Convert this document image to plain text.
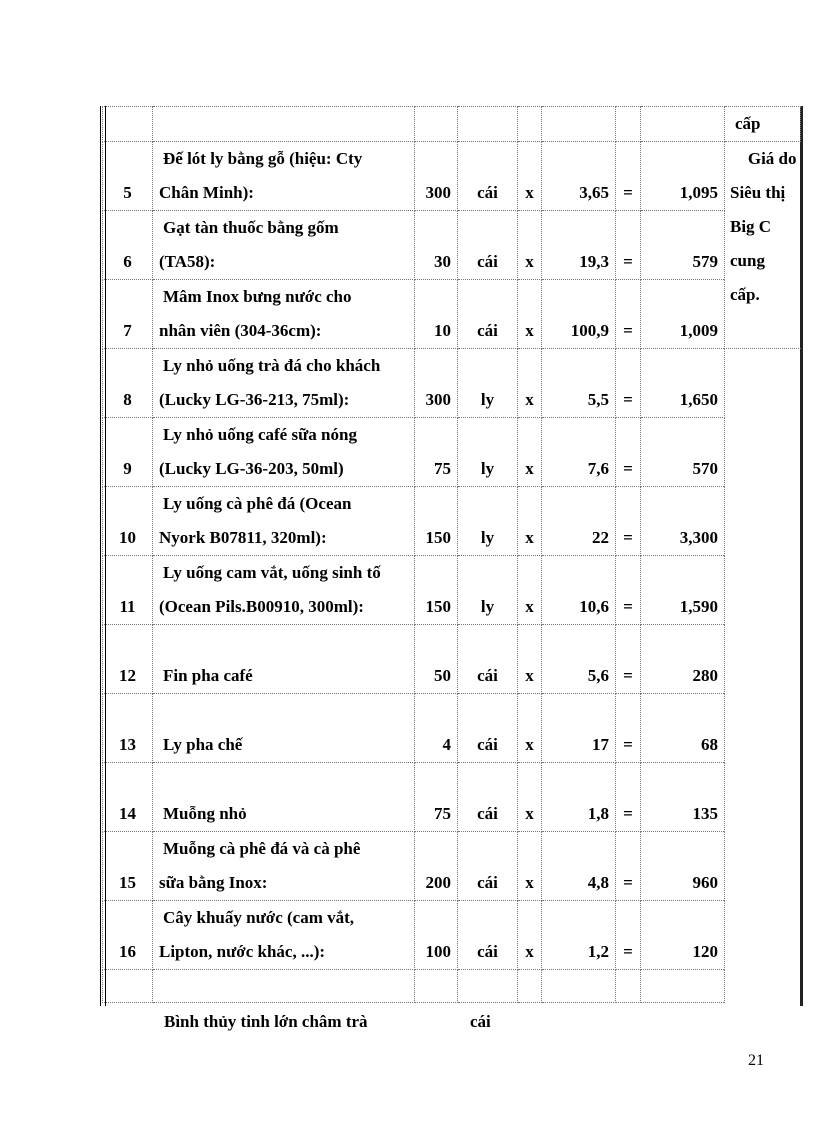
								cấp
5	Đế lót ly bằng gỗ (hiệu: Cty
Chân Minh):	300	cái	x	3,65	=	1,095	Giá do
Siêu thị
Big C
cung
cấp.

6	Gạt tàn thuốc bằng gốm
(TA58):	30	cái	x	19,3	=	579	
7	Mâm Inox bưng nước cho
nhân viên (304-36cm):	10	cái	x	100,9	=	1,009	
8	Ly nhỏ uống trà đá cho khách
(Lucky LG-36-213, 75ml):	300	ly	x	5,5	=	1,650	
9	Ly nhỏ uống café sữa nóng
(Lucky LG-36-203, 50ml)	75	ly	x	7,6	=	570	
10	Ly uống cà phê đá (Ocean
Nyork B07811, 320ml):	150	ly	x	22	=	3,300	
11	Ly uống cam vắt, uống sinh tố
(Ocean Pils.B00910, 300ml):	150	ly	x	10,6	=	1,590	
12	Fin pha café	50	cái	x	5,6	=	280	
13	Ly pha chế	4	cái	x	17	=	68	
14	Muỗng nhỏ	75	cái	x	1,8	=	135	
15	Muỗng cà phê đá và cà phê
sữa bằng Inox:	200	cái	x	4,8	=	960	
16	Cây khuấy nước (cam vắt,
Lipton, nước khác, ...):	100	cái	x	1,2	=	120	

Bình thủy tinh lớn châm trà	cái
21
